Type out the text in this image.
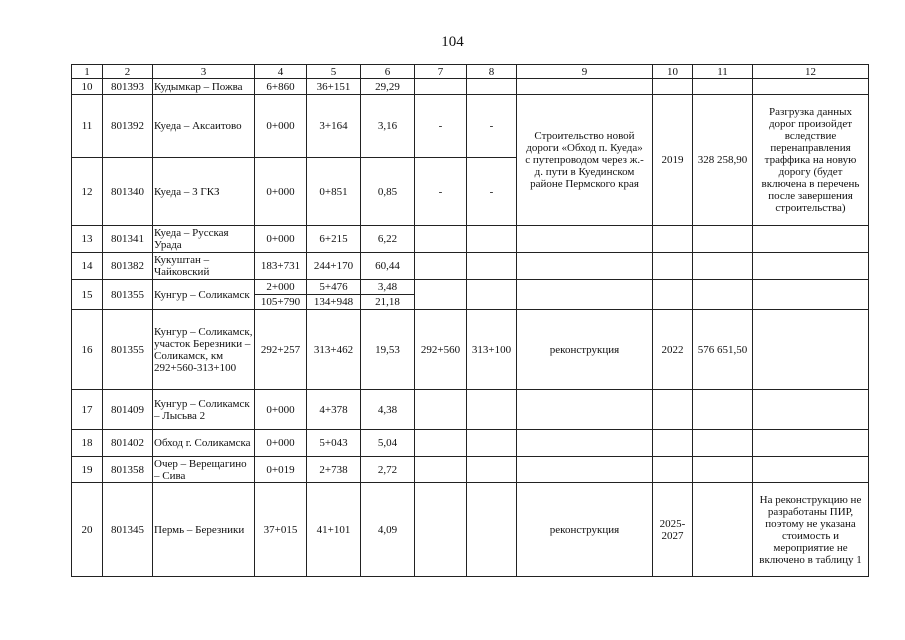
104
1	2	3	4	5	6	7	8	9	10	11	12
10	801393	Кудымкар – Пожва	6+860	36+151	29,29						
11	801392	Куеда – Аксаитово	0+000	3+164	3,16	-	-	Строительство новой дороги «Обход п. Куеда» с путепроводом через ж.-д. пути в Куединском районе Пермского края	2019	328 258,90	Разгрузка данных дорог произойдет вследствие перенаправления траффика на новую дорогу (будет включена в перечень после завершения строительства)
12	801340	Куеда – 3 ГКЗ	0+000	0+851	0,85	-	-				
13	801341	Куеда – Русская Урада	0+000	6+215	6,22						
14	801382	Кукуштан – Чайковский	183+731	244+170	60,44						
15	801355	Кунгур – Соликамск	2+000	5+476	3,48						
			105+790	134+948	21,18						
16	801355	Кунгур – Соликамск, участок Березники – Соликамск, км 292+560-313+100	292+257	313+462	19,53	292+560	313+100	реконструкция	2022	576 651,50	
17	801409	Кунгур – Соликамск – Лысьва 2	0+000	4+378	4,38						
18	801402	Обход г. Соликамска	0+000	5+043	5,04						
19	801358	Очер – Верещагино – Сива	0+019	2+738	2,72						
20	801345	Пермь – Березники	37+015	41+101	4,09			реконструкция	2025-2027		На реконструкцию не разработаны ПИР, поэтому не указана стоимость и мероприятие не включено в таблицу 1
